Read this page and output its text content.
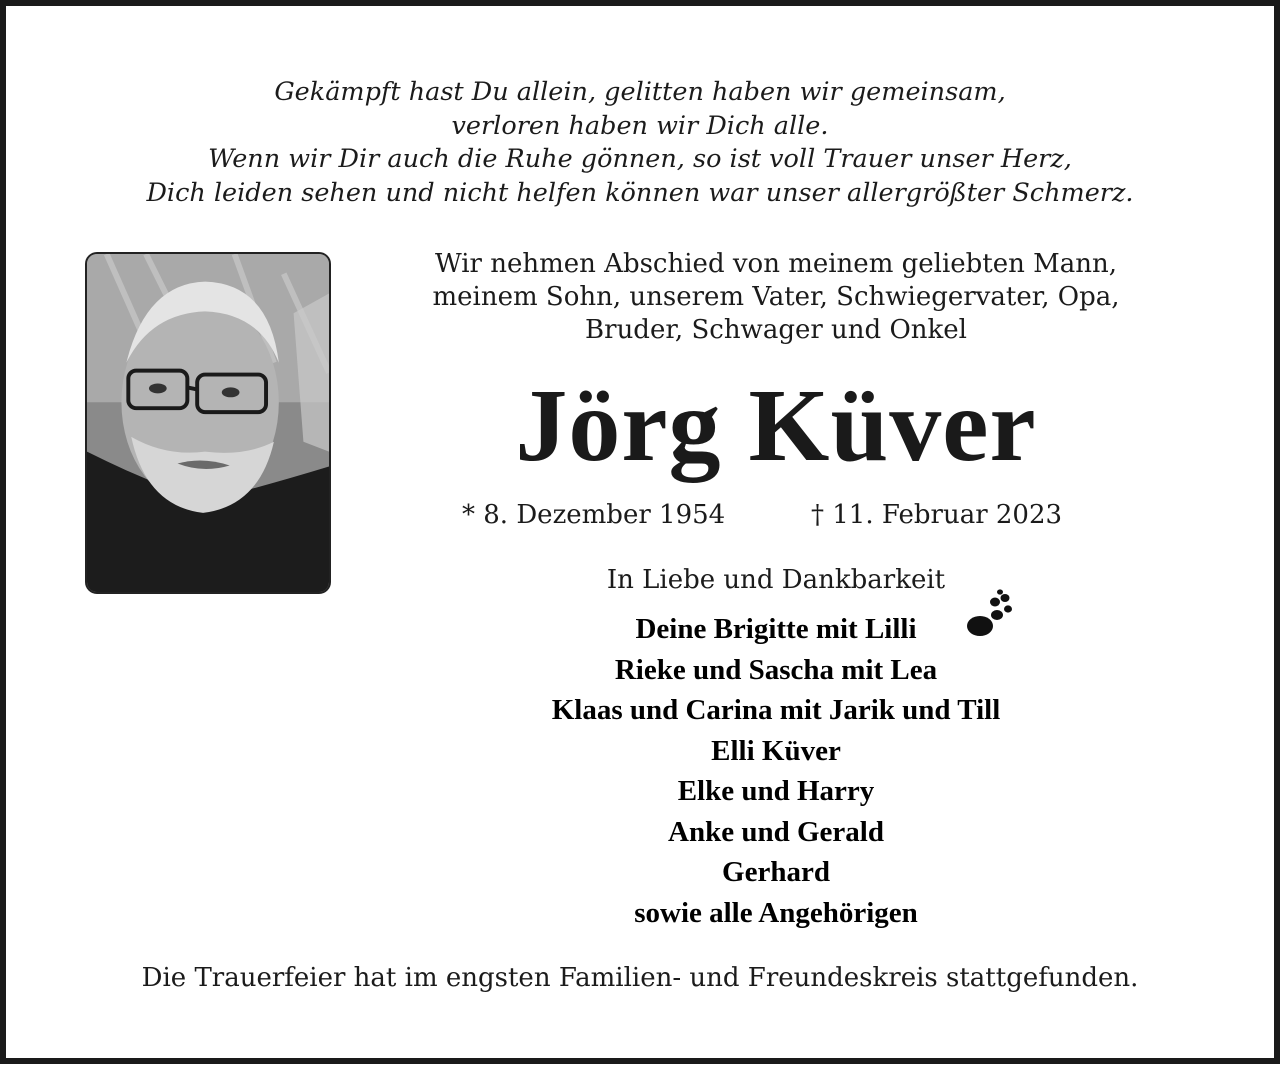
Gekämpft hast Du allein, gelitten haben wir gemeinsam,
verloren haben wir Dich alle.
Wenn wir Dir auch die Ruhe gönnen, so ist voll Trauer unser Herz,
Dich leiden sehen und nicht helfen können war unser allergrößter Schmerz.
Wir nehmen Abschied von meinem geliebten Mann,
meinem Sohn, unserem Vater, Schwiegervater, Opa,
Bruder, Schwager und Onkel
Jörg Küver
* 8. Dezember 1954	† 11. Februar 2023
In Liebe und Dankbarkeit
Deine Brigitte mit Lilli
Rieke und Sascha mit Lea
Klaas und Carina mit Jarik und Till
Elli Küver
Elke und Harry
Anke und Gerald
Gerhard
sowie alle Angehörigen
Die Trauerfeier hat im engsten Familien- und Freundeskreis stattgefunden.
